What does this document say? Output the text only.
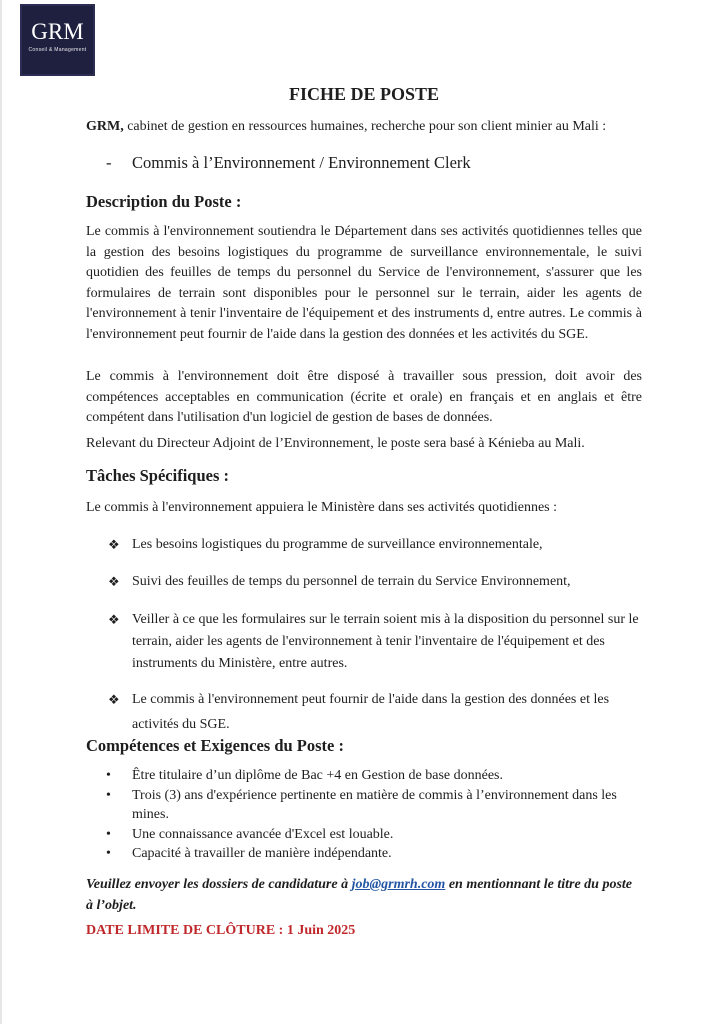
GRM
Conseil & Management
FICHE DE POSTE

GRM, cabinet de gestion en ressources humaines, recherche pour son client minier au Mali :

- Commis à l’Environnement / Environnement Clerk
Description du Poste :

Le commis à l'environnement soutiendra le Département dans ses activités quotidiennes telles que la gestion des besoins logistiques du programme de surveillance environnementale, le suivi quotidien des feuilles de temps du personnel du Service de l'environnement, s'assurer que les formulaires de terrain sont disponibles pour le personnel sur le terrain, aider les agents de l'environnement à tenir l'inventaire de l'équipement et des instruments d, entre autres. Le commis à l'environnement peut fournir de l'aide dans la gestion des données et les activités du SGE.

Le commis à l'environnement doit être disposé à travailler sous pression, doit avoir des compétences acceptables en communication (écrite et orale) en français et en anglais et être compétent dans l'utilisation d'un logiciel de gestion de bases de données.

Relevant du Directeur Adjoint de l’Environnement, le poste sera basé à Kénieba au Mali.

Tâches Spécifiques :

Le commis à l'environnement appuiera le Ministère dans ses activités quotidiennes :

❖ Les besoins logistiques du programme de surveillance environnementale,
❖ Suivi des feuilles de temps du personnel de terrain du Service Environnement,
❖ Veiller à ce que les formulaires sur le terrain soient mis à la disposition du personnel sur le terrain, aider les agents de l'environnement à tenir l'inventaire de l'équipement et des instruments du Ministère, entre autres.
❖ Le commis à l'environnement peut fournir de l'aide dans la gestion des données et les activités du SGE.
Compétences et Exigences du Poste :
• Être titulaire d’un diplôme de Bac +4 en Gestion de base données.
• Trois (3) ans d'expérience pertinente en matière de commis à l’environnement dans les mines.
• Une connaissance avancée d'Excel est louable.
• Capacité à travailler de manière indépendante.

Veuillez envoyer les dossiers de candidature à job@grmrh.com en mentionnant le titre du poste à l’objet.

DATE LIMITE DE CLÔTURE : 1 Juin 2025
